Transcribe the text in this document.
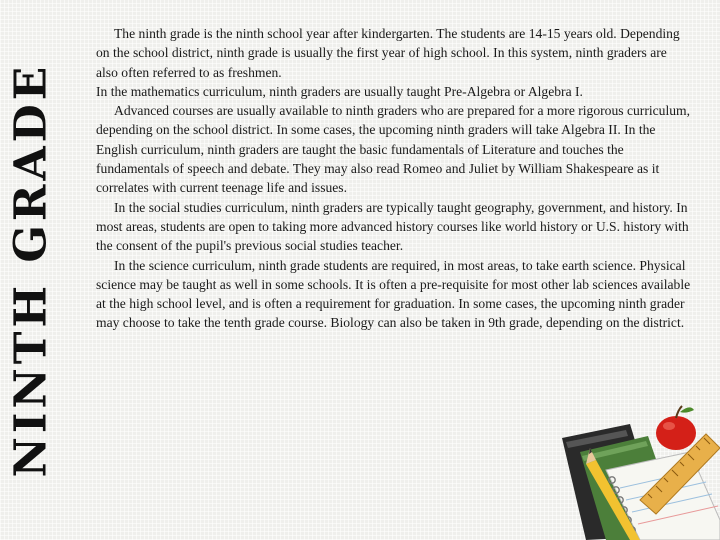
NINTH GRADE

The ninth grade is the ninth school year after kindergarten. The students are 14-15 years old. Depending on the school district, ninth grade is usually the first year of high school. In this system, ninth graders are also often referred to as freshmen.

In the mathematics curriculum, ninth graders are usually taught Pre-Algebra or Algebra I.

Advanced courses are usually available to ninth graders who are prepared for a more rigorous curriculum, depending on the school district. In some cases, the upcoming ninth graders will take Algebra II. In the English curriculum, ninth graders are taught the basic fundamentals of Literature and touches the fundamentals of speech and debate. They may also read Romeo and Juliet by William Shakespeare as it correlates with current teenage life and issues.

In the social studies curriculum, ninth graders are typically taught geography, government, and history. In most areas, students are open to taking more advanced history courses like world history or U.S. history with the consent of the pupil's previous social studies teacher.

In the science curriculum, ninth grade students are required, in most areas, to take earth science. Physical science may be taught as well in some schools. It is often a pre-requisite for most other lab sciences available at the high school level, and is often a requirement for graduation. In some cases, the upcoming ninth grader may choose to take the tenth grade course. Biology can also be taken in 9th grade, depending on the district.
